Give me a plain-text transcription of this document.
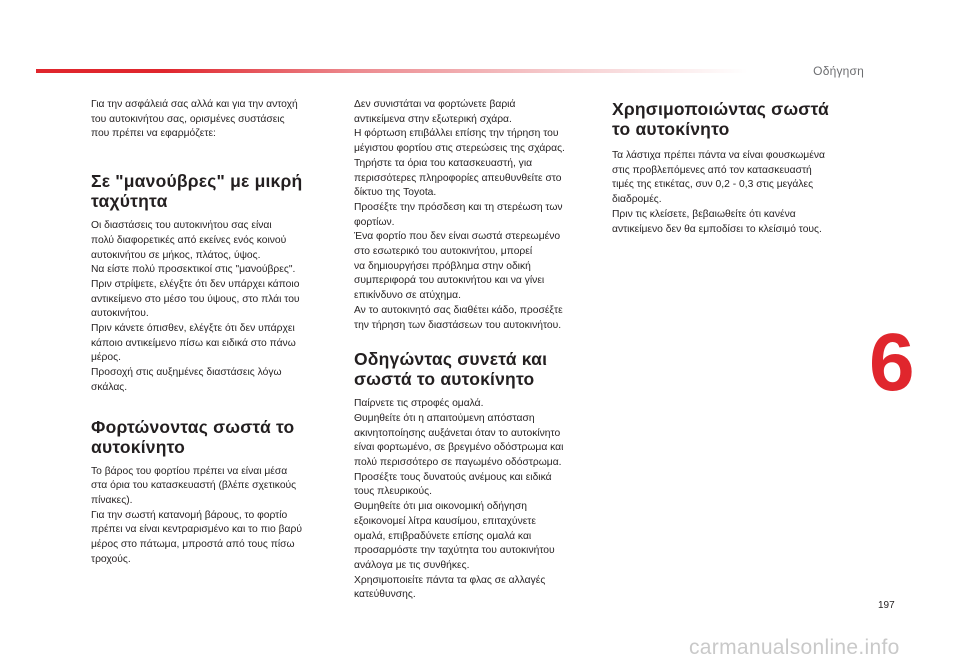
Οδήγηση

Για την ασφάλειά σας αλλά και για την αντοχή
του αυτοκινήτου σας, ορισμένες συστάσεις
που πρέπει να εφαρμόζετε:

Σε "μανούβρες" με μικρή
ταχύτητα

Οι διαστάσεις του αυτοκινήτου σας είναι
πολύ διαφορετικές από εκείνες ενός κοινού
αυτοκινήτου σε μήκος, πλάτος, ύψος.
Να είστε πολύ προσεκτικοί στις "μανούβρες".
Πριν στρίψετε, ελέγξτε ότι δεν υπάρχει κάποιο
αντικείμενο στο μέσο του ύψους, στο πλάι του
αυτοκινήτου.
Πριν κάνετε όπισθεν, ελέγξτε ότι δεν υπάρχει
κάποιο αντικείμενο πίσω και ειδικά στο πάνω
μέρος.
Προσοχή στις αυξημένες διαστάσεις λόγω
σκάλας.

Φορτώνοντας σωστά το
αυτοκίνητο

Το βάρος του φορτίου πρέπει να είναι μέσα
στα όρια του κατασκευαστή (βλέπε σχετικούς
πίνακες).
Για την σωστή κατανομή βάρους, το φορτίο
πρέπει να είναι κεντραρισμένο και το πιο βαρύ
μέρος στο πάτωμα, μπροστά από τους πίσω
τροχούς.

Δεν συνιστάται να φορτώνετε βαριά
αντικείμενα στην εξωτερική σχάρα.
Η φόρτωση επιβάλλει επίσης την τήρηση του
μέγιστου φορτίου στις στερεώσεις της σχάρας.
Τηρήστε τα όρια του κατασκευαστή, για
περισσότερες πληροφορίες απευθυνθείτε στο
δίκτυο της Toyota.
Προσέξτε την πρόσδεση και τη στερέωση των
φορτίων.
Ένα φορτίο που δεν είναι σωστά στερεωμένο
στο εσωτερικό του αυτοκινήτου, μπορεί
να δημιουργήσει πρόβλημα στην οδική
συμπεριφορά του αυτοκινήτου και να γίνει
επικίνδυνο σε ατύχημα.
Αν το αυτοκινητό σας διαθέτει κάδο, προσέξτε
την τήρηση των διαστάσεων του αυτοκινήτου.

Οδηγώντας συνετά και
σωστά το αυτοκίνητο

Παίρνετε τις στροφές ομαλά.
Θυμηθείτε ότι η απαιτούμενη απόσταση
ακινητοποίησης αυξάνεται όταν το αυτοκίνητο
είναι φορτωμένο, σε βρεγμένο οδόστρωμα και
πολύ περισσότερο σε παγωμένο οδόστρωμα.
Προσέξτε τους δυνατούς ανέμους και ειδικά
τους πλευρικούς.
Θυμηθείτε ότι μια οικονομική οδήγηση
εξοικονομεί λίτρα καυσίμου, επιταχύνετε
ομαλά, επιβραδύνετε επίσης ομαλά και
προσαρμόστε την ταχύτητα του αυτοκινήτου
ανάλογα με τις συνθήκες.
Χρησιμοποιείτε πάντα τα φλας σε αλλαγές
κατεύθυνσης.

Χρησιμοποιώντας σωστά
το αυτοκίνητο

Τα λάστιχα πρέπει πάντα να είναι φουσκωμένα
στις προβλεπόμενες από τον κατασκευαστή
τιμές της ετικέτας, συν 0,2 - 0,3 στις μεγάλες
διαδρομές.
Πριν τις κλείσετε, βεβαιωθείτε ότι κανένα
αντικείμενο δεν θα εμποδίσει το κλείσιμό τους.

6
197
carmanualsonline.info
